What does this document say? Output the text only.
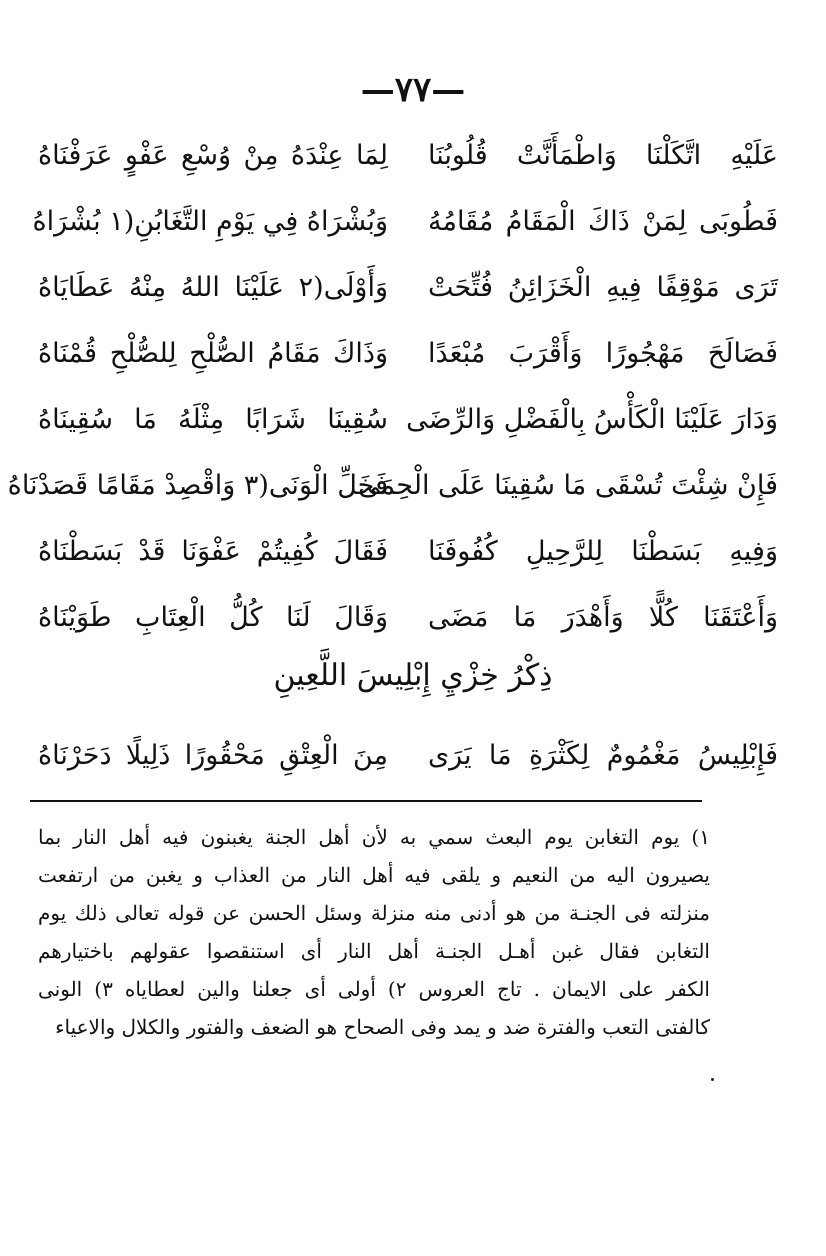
—٧٧—
عَلَيْهِ اتَّكَلْنَا وَاطْمَأَنَّتْ قُلُوبُنَا
لِمَا عِنْدَهُ مِنْ وُسْعِ عَفْوٍ عَرَفْنَاهُ
فَطُوبَى لِمَنْ ذَاكَ الْمَقَامُ مُقَامُهُ
وَبُشْرَاهُ فِي يَوْمِ التَّغَابُنِ(١ بُشْرَاهُ
تَرَى مَوْقِفًا فِيهِ الْخَزَائِنُ فُتِّحَتْ
وَأَوْلَى(٢ عَلَيْنَا اللهُ مِنْهُ عَطَايَاهُ
فَصَالَحَ مَهْجُورًا وَأَقْرَبَ مُبْعَدًا
وَذَاكَ مَقَامُ الصُّلْحِ لِلصُّلْحِ قُمْنَاهُ
وَدَارَ عَلَيْنَا الْكَأْسُ بِالْفَضْلِ وَالرِّضَى
سُقِينَا شَرَابًا مِثْلَهُ مَا سُقِينَاهُ
فَإِنْ شِئْتَ تُسْقَى مَا سُقِينَا عَلَى الْحِمَى
فَخَلِّ الْوَنَى(٣ وَاقْصِدْ مَقَامًا قَصَدْنَاهُ
وَفِيهِ بَسَطْنَا لِلرَّحِيلِ كُفُوفَنَا
فَقَالَ كُفِيتُمْ عَفْوَنَا قَدْ بَسَطْنَاهُ
وَأَعْتَقَنَا كُلًّا وَأَهْدَرَ مَا مَضَى
وَقَالَ لَنَا كُلُّ الْعِتَابِ طَوَيْنَاهُ
ذِكْرُ خِزْيِ إِبْلِيسَ اللَّعِينِ
فَإِبْلِيسُ مَغْمُومٌ لِكَثْرَةِ مَا يَرَى
مِنَ الْعِتْقِ مَحْقُورًا ذَلِيلًا دَحَرْنَاهُ
١) يوم التغابن يوم البعث سمي به لأن أهل الجنة يغبنون فيه أهل النار بما
يصيرون اليه من النعيم و يلقى فيه أهل النار من العذاب و يغبن من ارتفعت
منزلته فى الجنـة من هو أدنى منه منزلة وسئل الحسن عن قوله تعالى ذلك يوم
التغابن فقال غبن أهـل الجنـة أهل النار أى استنقصوا عقولهم باختيارهم
الكفر على الايمان . تاج العروس ٢) أولى أى جعلنا والين لعطاياه ٣) الونى
كالفتى التعب والفترة ضد و يمد وفى الصحاح هو الضعف والفتور والكلال والاعياء
